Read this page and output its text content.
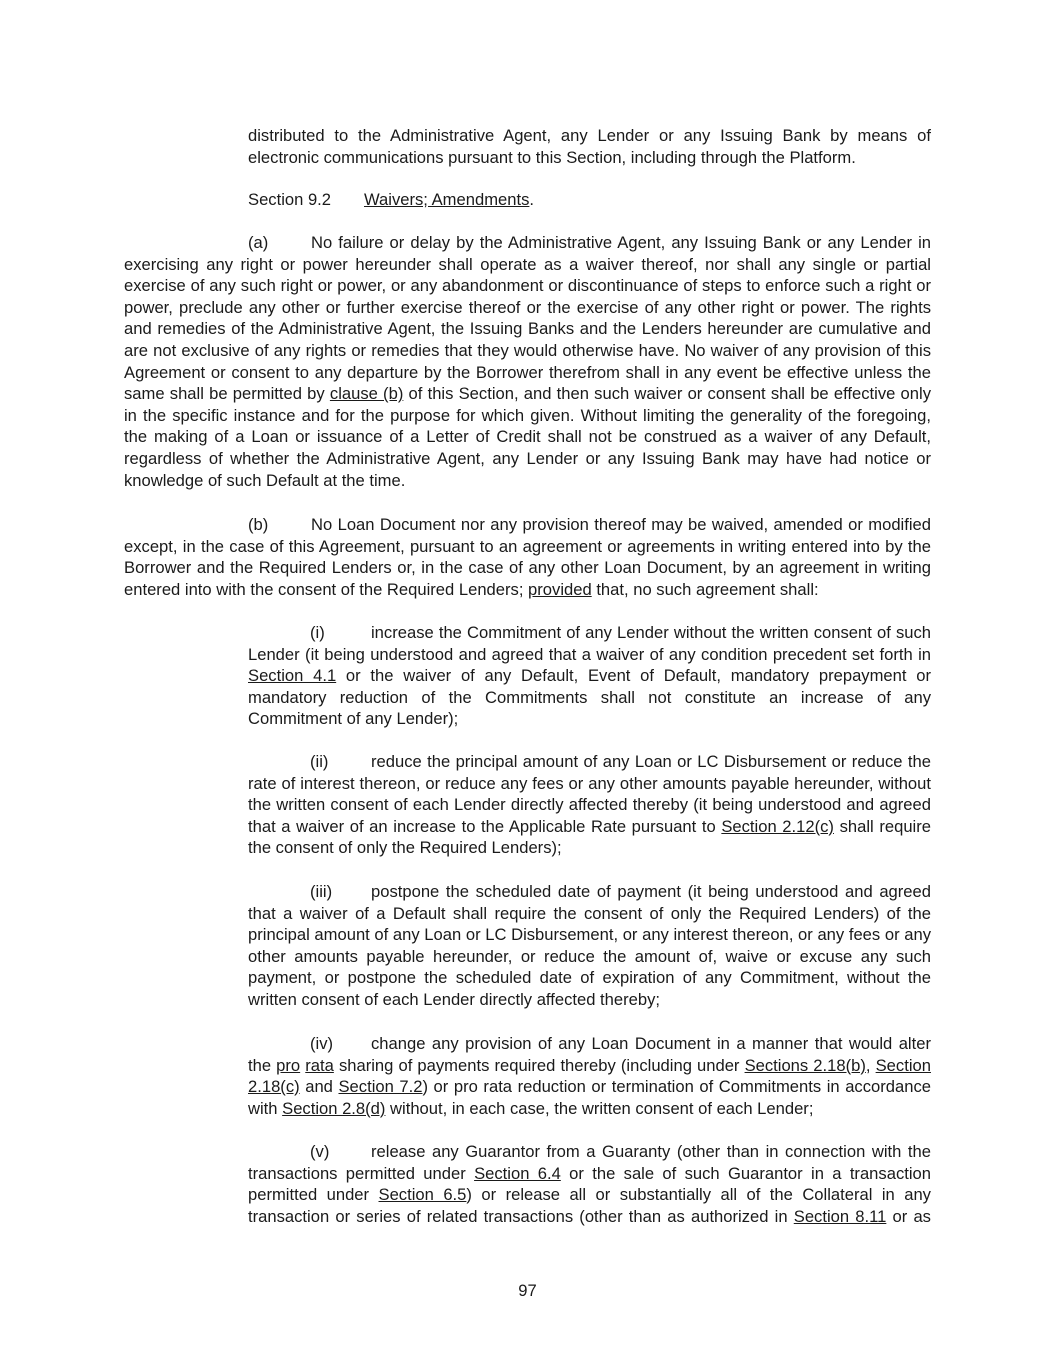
distributed to the Administrative Agent, any Lender or any Issuing Bank by means of electronic communications pursuant to this Section, including through the Platform.

Section 9.2 Waivers; Amendments.

(a)	No failure or delay by the Administrative Agent, any Issuing Bank or any Lender in exercising any right or power hereunder shall operate as a waiver thereof, nor shall any single or partial exercise of any such right or power, or any abandonment or discontinuance of steps to enforce such a right or power, preclude any other or further exercise thereof or the exercise of any other right or power. The rights and remedies of the Administrative Agent, the Issuing Banks and the Lenders hereunder are cumulative and are not exclusive of any rights or remedies that they would otherwise have. No waiver of any provision of this Agreement or consent to any departure by the Borrower therefrom shall in any event be effective unless the same shall be permitted by clause (b) of this Section, and then such waiver or consent shall be effective only in the specific instance and for the purpose for which given. Without limiting the generality of the foregoing, the making of a Loan or issuance of a Letter of Credit shall not be construed as a waiver of any Default, regardless of whether the Administrative Agent, any Lender or any Issuing Bank may have had notice or knowledge of such Default at the time.

(b)	No Loan Document nor any provision thereof may be waived, amended or modified except, in the case of this Agreement, pursuant to an agreement or agreements in writing entered into by the Borrower and the Required Lenders or, in the case of any other Loan Document, by an agreement in writing entered into with the consent of the Required Lenders; provided that, no such agreement shall:

(i)	increase the Commitment of any Lender without the written consent of such Lender (it being understood and agreed that a waiver of any condition precedent set forth in Section 4.1 or the waiver of any Default, Event of Default, mandatory prepayment or mandatory reduction of the Commitments shall not constitute an increase of any Commitment of any Lender);

(ii)	reduce the principal amount of any Loan or LC Disbursement or reduce the rate of interest thereon, or reduce any fees or any other amounts payable hereunder, without the written consent of each Lender directly affected thereby (it being understood and agreed that a waiver of an increase to the Applicable Rate pursuant to Section 2.12(c) shall require the consent of only the Required Lenders);

(iii) postpone the scheduled date of payment (it being understood and agreed that a waiver of a Default shall require the consent of only the Required Lenders) of the principal amount of any Loan or LC Disbursement, or any interest thereon, or any fees or any other amounts payable hereunder, or reduce the amount of, waive or excuse any such payment, or postpone the scheduled date of expiration of any Commitment, without the written consent of each Lender directly affected thereby;

(iv) change any provision of any Loan Document in a manner that would alter the pro rata sharing of payments required thereby (including under Sections 2.18(b), Section 2.18(c) and Section 7.2) or pro rata reduction or termination of Commitments in accordance with Section 2.8(d) without, in each case, the written consent of each Lender;

(v)	release any Guarantor from a Guaranty (other than in connection with the transactions permitted under Section 6.4 or the sale of such Guarantor in a transaction permitted under Section 6.5) or release all or substantially all of the Collateral in any transaction or series of related transactions (other than as authorized in Section 8.11 or as

97
